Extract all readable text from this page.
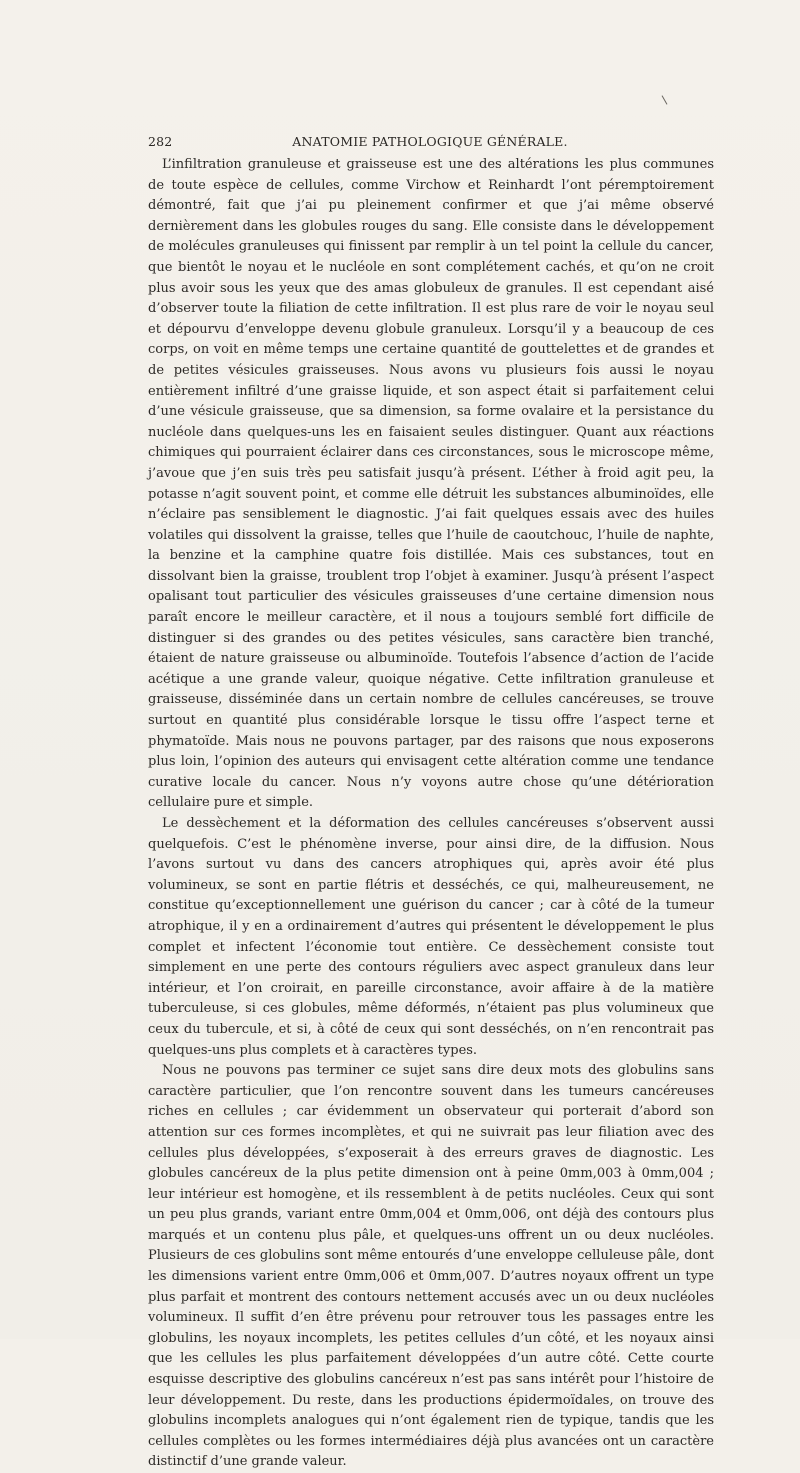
282	ANATOMIE PATHOLOGIQUE GÉNÉRALE.

L’infiltration granuleuse et graisseuse est une des altérations les plus communes de toute espèce de cellules, comme Virchow et Reinhardt l’ont péremptoirement démontré, fait que j’ai pu pleinement confirmer et que j’ai même observé dernièrement dans les globules rouges du sang. Elle consiste dans le développement de molécules granuleuses qui finissent par remplir à un tel point la cellule du cancer, que bientôt le noyau et le nucléole en sont complétement cachés, et qu’on ne croit plus avoir sous les yeux que des amas globuleux de granules. Il est cependant aisé d’observer toute la filiation de cette infiltration. Il est plus rare de voir le noyau seul et dépourvu d’enveloppe devenu globule granuleux. Lorsqu’il y a beaucoup de ces corps, on voit en même temps une certaine quantité de gouttelettes et de grandes et de petites vésicules graisseuses. Nous avons vu plusieurs fois aussi le noyau entièrement infiltré d’une graisse liquide, et son aspect était si parfaitement celui d’une vésicule graisseuse, que sa dimension, sa forme ovalaire et la persistance du nucléole dans quelques-uns les en faisaient seules distinguer. Quant aux réactions chimiques qui pourraient éclairer dans ces circonstances, sous le microscope même, j’avoue que j’en suis très peu satisfait jusqu’à présent. L’éther à froid agit peu, la potasse n’agit souvent point, et comme elle détruit les substances albuminoïdes, elle n’éclaire pas sensiblement le diagnostic. J’ai fait quelques essais avec des huiles volatiles qui dissolvent la graisse, telles que l’huile de caoutchouc, l’huile de naphte, la benzine et la camphine quatre fois distillée. Mais ces substances, tout en dissolvant bien la graisse, troublent trop l’objet à examiner. Jusqu’à présent l’aspect opalisant tout particulier des vésicules graisseuses d’une certaine dimension nous paraît encore le meilleur caractère, et il nous a toujours semblé fort difficile de distinguer si des grandes ou des petites vésicules, sans caractère bien tranché, étaient de nature graisseuse ou albuminoïde. Toutefois l’absence d’action de l’acide acétique a une grande valeur, quoique négative. Cette infiltration granuleuse et graisseuse, disséminée dans un certain nombre de cellules cancéreuses, se trouve surtout en quantité plus considérable lorsque le tissu offre l’aspect terne et phymatoïde. Mais nous ne pouvons partager, par des raisons que nous exposerons plus loin, l’opinion des auteurs qui envisagent cette altération comme une tendance curative locale du cancer. Nous n’y voyons autre chose qu’une détérioration cellulaire pure et simple.

Le dessèchement et la déformation des cellules cancéreuses s’observent aussi quelquefois. C’est le phénomène inverse, pour ainsi dire, de la diffusion. Nous l’avons surtout vu dans des cancers atrophiques qui, après avoir été plus volumineux, se sont en partie flétris et desséchés, ce qui, malheureusement, ne constitue qu’exceptionnellement une guérison du cancer ; car à côté de la tumeur atrophique, il y en a ordinairement d’autres qui présentent le développement le plus complet et infectent l’économie tout entière. Ce dessèchement consiste tout simplement en une perte des contours réguliers avec aspect granuleux dans leur intérieur, et l’on croirait, en pareille circonstance, avoir affaire à de la matière tuberculeuse, si ces globules, même déformés, n’étaient pas plus volumineux que ceux du tubercule, et si, à côté de ceux qui sont desséchés, on n’en rencontrait pas quelques-uns plus complets et à caractères types.

Nous ne pouvons pas terminer ce sujet sans dire deux mots des globulins sans caractère particulier, que l’on rencontre souvent dans les tumeurs cancéreuses riches en cellules ; car évidemment un observateur qui porterait d’abord son attention sur ces formes incomplètes, et qui ne suivrait pas leur filiation avec des cellules plus développées, s’exposerait à des erreurs graves de diagnostic. Les globules cancéreux de la plus petite dimension ont à peine 0mm,003 à 0mm,004 ; leur intérieur est homogène, et ils ressemblent à de petits nucléoles. Ceux qui sont un peu plus grands, variant entre 0mm,004 et 0mm,006, ont déjà des contours plus marqués et un contenu plus pâle, et quelques-uns offrent un ou deux nucléoles. Plusieurs de ces globulins sont même entourés d’une enveloppe celluleuse pâle, dont les dimensions varient entre 0mm,006 et 0mm,007. D’autres noyaux offrent un type plus parfait et montrent des contours nettement accusés avec un ou deux nucléoles volumineux. Il suffit d’en être prévenu pour retrouver tous les passages entre les globulins, les noyaux incomplets, les petites cellules d’un côté, et les noyaux ainsi que les cellules les plus parfaitement développées d’un autre côté. Cette courte esquisse descriptive des globulins cancéreux n’est pas sans intérêt pour l’histoire de leur développement. Du reste, dans les productions épidermoïdales, on trouve des globulins incomplets analogues qui n’ont également rien de typique, tandis que les cellules complètes ou les formes intermédiaires déjà plus avancées ont un caractère distinctif d’une grande valeur.
